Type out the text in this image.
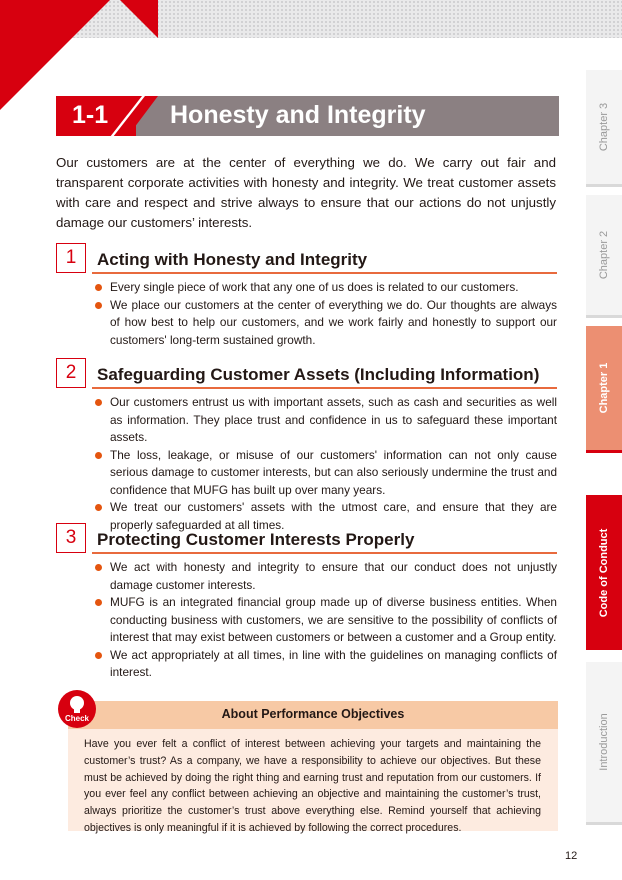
1-1 Honesty and Integrity
Our customers are at the center of everything we do. We carry out fair and transparent corporate activities with honesty and integrity. We treat customer assets with care and respect and strive always to ensure that our actions do not unjustly damage our customers’ interests.
1	Acting with Honesty and Integrity
Every single piece of work that any one of us does is related to our customers.
We place our customers at the center of everything we do. Our thoughts are always of how best to help our customers, and we work fairly and honestly to support our customers' long-term sustained growth.
2	Safeguarding Customer Assets (Including Information)
Our customers entrust us with important assets, such as cash and securities as well as information. They place trust and confidence in us to safeguard these important assets.
The loss, leakage, or misuse of our customers' information can not only cause serious damage to customer interests, but can also seriously undermine the trust and confidence that MUFG has built up over many years.
We treat our customers' assets with the utmost care, and ensure that they are properly safeguarded at all times.
3	Protecting Customer Interests Properly
We act with honesty and integrity to ensure that our conduct does not unjustly damage customer interests.
MUFG is an integrated financial group made up of diverse business entities. When conducting business with customers, we are sensitive to the possibility of conflicts of interest that may exist between customers or between a customer and a Group entity.
We act appropriately at all times, in line with the guidelines on managing conflicts of interest.
About Performance Objectives
Have you ever felt a conflict of interest between achieving your targets and maintaining the customer’s trust? As a company, we have a responsibility to achieve our objectives. But these must be achieved by doing the right thing and earning trust and reputation from our customers. If you ever feel any conflict between achieving an objective and maintaining the customer’s trust, always prioritize the customer’s trust above everything else. Remind yourself that achieving objectives is only meaningful if it is achieved by following the correct procedures.
Check
Chapter 3
Chapter 2
Chapter 1
Code of Conduct
Introduction
12
